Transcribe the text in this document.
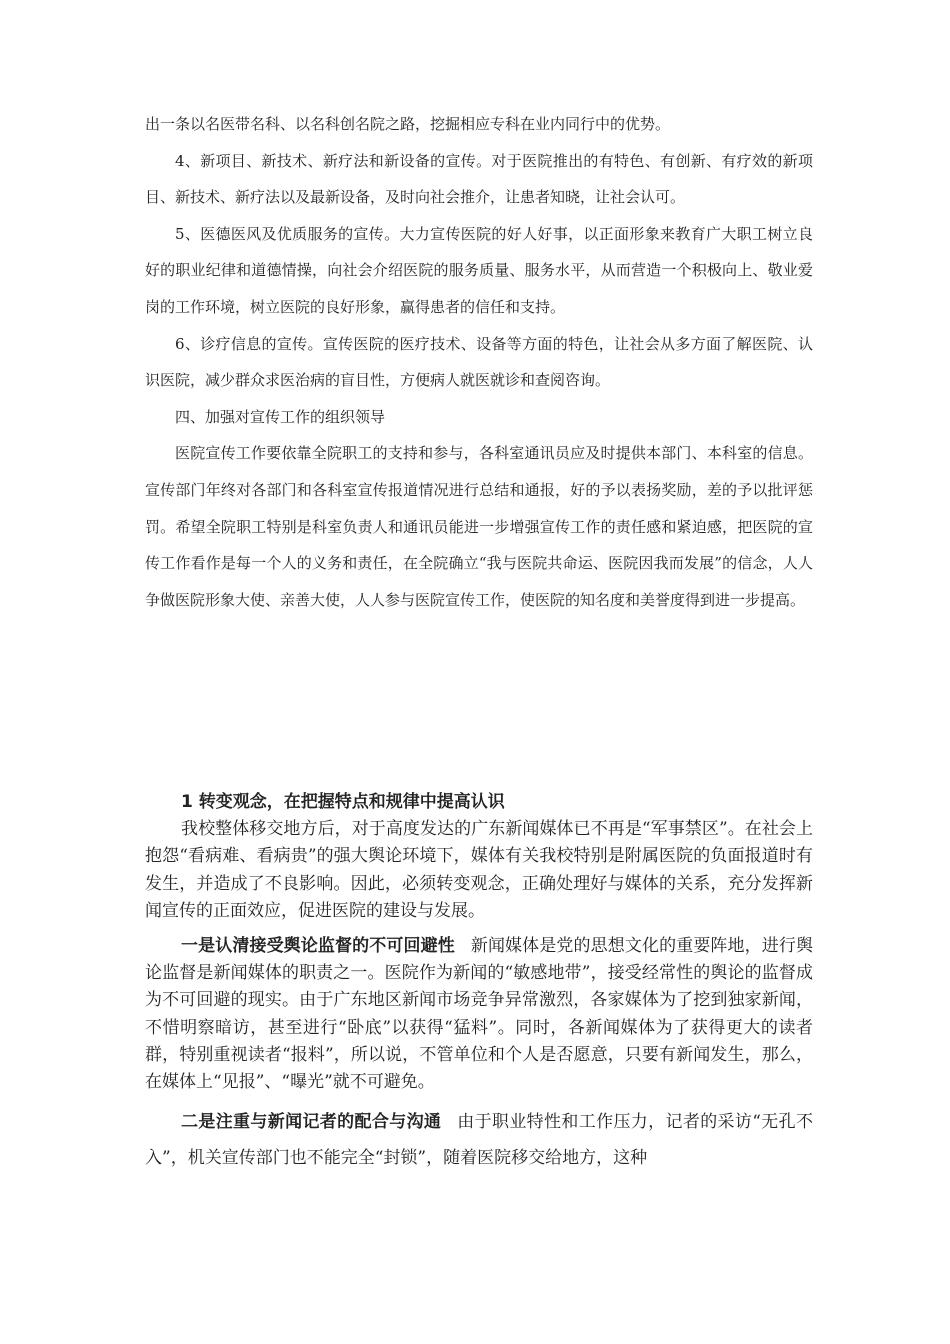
出一条以名医带名科、以名科创名院之路，挖掘相应专科在业内同行中的优势。

4、新项目、新技术、新疗法和新设备的宣传。对于医院推出的有特色、有创新、有疗效的新项目、新技术、新疗法以及最新设备，及时向社会推介，让患者知晓，让社会认可。

5、医德医风及优质服务的宣传。大力宣传医院的好人好事，以正面形象来教育广大职工树立良好的职业纪律和道德情操，向社会介绍医院的服务质量、服务水平，从而营造一个积极向上、敬业爱岗的工作环境，树立医院的良好形象，赢得患者的信任和支持。

6、诊疗信息的宣传。宣传医院的医疗技术、设备等方面的特色，让社会从多方面了解医院、认识医院，减少群众求医治病的盲目性，方便病人就医就诊和查阅咨询。

四、加强对宣传工作的组织领导

医院宣传工作要依靠全院职工的支持和参与，各科室通讯员应及时提供本部门、本科室的信息。宣传部门年终对各部门和各科室宣传报道情况进行总结和通报，好的予以表扬奖励，差的予以批评惩罚。希望全院职工特别是科室负责人和通讯员能进一步增强宣传工作的责任感和紧迫感，把医院的宣传工作看作是每一个人的义务和责任，在全院确立“我与医院共命运、医院因我而发展”的信念，人人争做医院形象大使、亲善大使，人人参与医院宣传工作，使医院的知名度和美誉度得到进一步提高。

1 转变观念，在把握特点和规律中提高认识

我校整体移交地方后，对于高度发达的广东新闻媒体已不再是“军事禁区”。在社会上抱怨“看病难、看病贵”的强大舆论环境下，媒体有关我校特别是附属医院的负面报道时有发生，并造成了不良影响。因此，必须转变观念，正确处理好与媒体的关系，充分发挥新闻宣传的正面效应，促进医院的建设与发展。

一是认清接受舆论监督的不可回避性 新闻媒体是党的思想文化的重要阵地，进行舆论监督是新闻媒体的职责之一。医院作为新闻的“敏感地带”，接受经常性的舆论的监督成为不可回避的现实。由于广东地区新闻市场竞争异常激烈，各家媒体为了挖到独家新闻，不惜明察暗访，甚至进行“卧底”以获得“猛料”。同时，各新闻媒体为了获得更大的读者群，特别重视读者“报料”，所以说，不管单位和个人是否愿意，只要有新闻发生，那么，在媒体上“见报”、“曝光”就不可避免。

二是注重与新闻记者的配合与沟通 由于职业特性和工作压力，记者的采访“无孔不入”，机关宣传部门也不能完全“封锁”，随着医院移交给地方，这种
